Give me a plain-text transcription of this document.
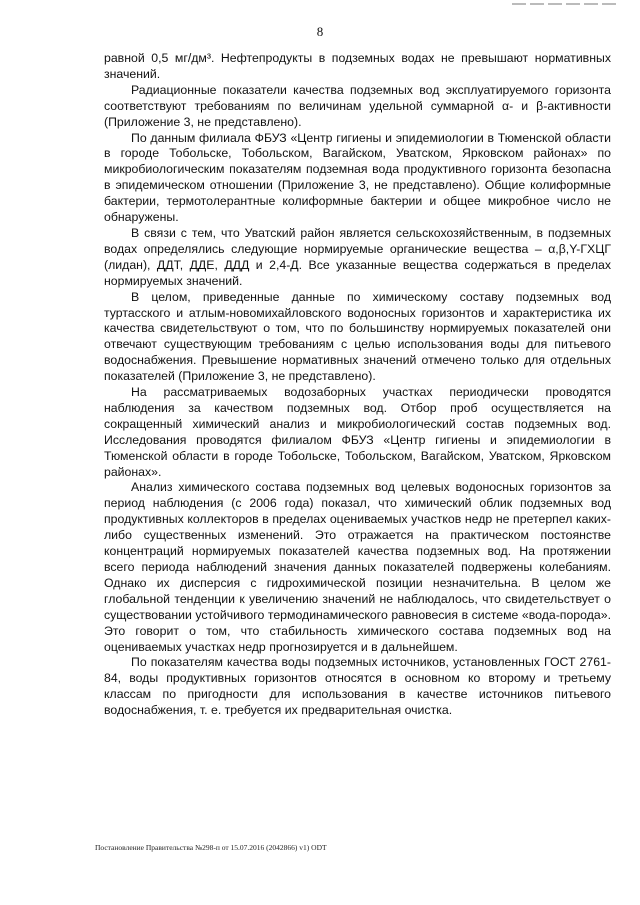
8

равной 0,5 мг/дм³. Нефтепродукты в подземных водах не превышают нормативных значений.

Радиационные показатели качества подземных вод эксплуатируемого горизонта соответствуют требованиям по величинам удельной суммарной α- и β-активности (Приложение 3, не представлено).

По данным филиала ФБУЗ «Центр гигиены и эпидемиологии в Тюменской области в городе Тобольске, Тобольском, Вагайском, Уватском, Ярковском районах» по микробиологическим показателям подземная вода продуктивного горизонта безопасна в эпидемическом отношении (Приложение 3, не представлено). Общие колиформные бактерии, термотолерантные колиформные бактерии и общее микробное число не обнаружены.

В связи с тем, что Уватский район является сельскохозяйственным, в подземных водах определялись следующие нормируемые органические вещества – α,β,Υ-ГХЦГ (лидан), ДДТ, ДДЕ, ДДД и 2,4-Д. Все указанные вещества содержаться в пределах нормируемых значений.

В целом, приведенные данные по химическому составу подземных вод туртасского и атлым-новомихайловского водоносных горизонтов и характеристика их качества свидетельствуют о том, что по большинству нормируемых показателей они отвечают существующим требованиям с целью использования воды для питьевого водоснабжения. Превышение нормативных значений отмечено только для отдельных показателей (Приложение 3, не представлено).

На рассматриваемых водозаборных участках периодически проводятся наблюдения за качеством подземных вод. Отбор проб осуществляется на сокращенный химический анализ и микробиологический состав подземных вод. Исследования проводятся филиалом ФБУЗ «Центр гигиены и эпидемиологии в Тюменской области в городе Тобольске, Тобольском, Вагайском, Уватском, Ярковском районах».

Анализ химического состава подземных вод целевых водоносных горизонтов за период наблюдения (с 2006 года) показал, что химический облик подземных вод продуктивных коллекторов в пределах оцениваемых участков недр не претерпел каких-либо существенных изменений. Это отражается на практическом постоянстве концентраций нормируемых показателей качества подземных вод. На протяжении всего периода наблюдений значения данных показателей подвержены колебаниям. Однако их дисперсия с гидрохимической позиции незначительна. В целом же глобальной тенденции к увеличению значений не наблюдалось, что свидетельствует о существовании устойчивого термодинамического равновесия в системе «вода-порода». Это говорит о том, что стабильность химического состава подземных вод на оцениваемых участках недр прогнозируется и в дальнейшем.

По показателям качества воды подземных источников, установленных ГОСТ 2761-84, воды продуктивных горизонтов относятся в основном ко второму и третьему классам по пригодности для использования в качестве источников питьевого водоснабжения, т. е. требуется их предварительная очистка.

Постановление Правительства №298-п от 15.07.2016 (2042866) v1) ODT
